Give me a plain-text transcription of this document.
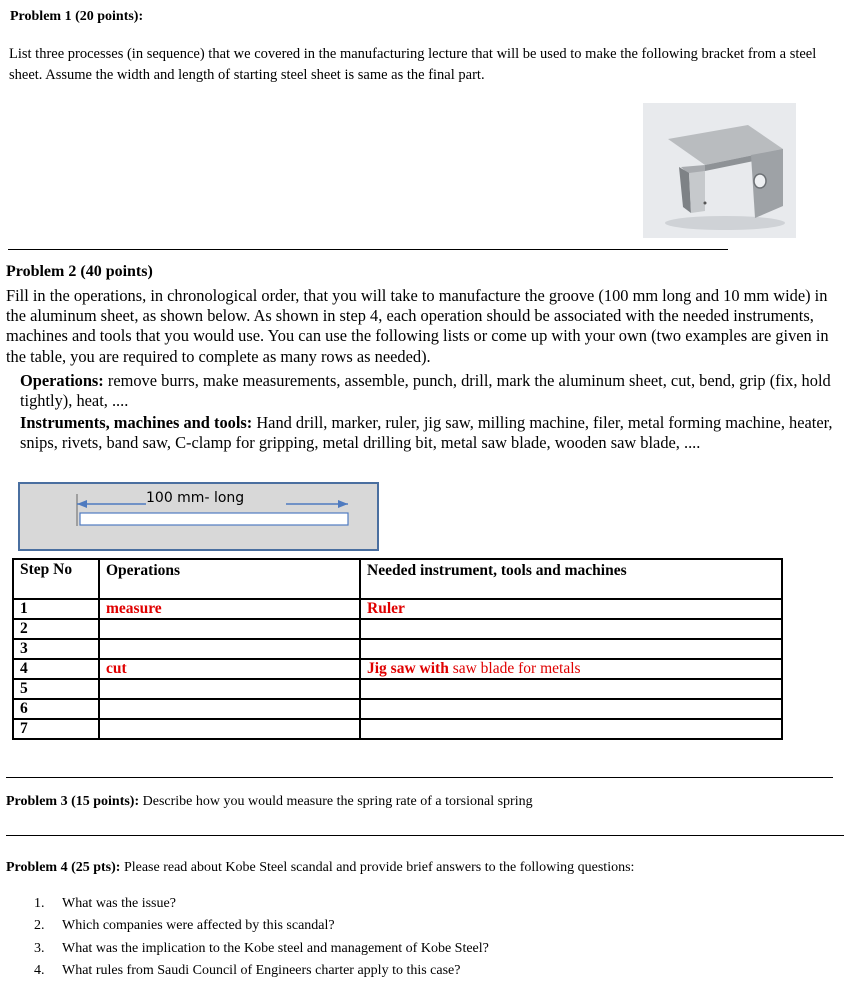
Problem 1 (20 points):
List three processes (in sequence) that we covered in the manufacturing lecture that will be used to make the following bracket from a steel sheet. Assume the width and length of starting steel sheet is same as the final part.
Problem 2 (40 points)
Fill in the operations, in chronological order, that you will take to manufacture the groove (100 mm long and 10 mm wide) in the aluminum sheet, as shown below. As shown in step 4, each operation should be associated with the needed instruments, machines and tools that you would use. You can use the following lists or come up with your own (two examples are given in the table, you are required to complete as many rows as needed).
Operations: remove burrs, make measurements, assemble, punch, drill, mark the aluminum sheet, cut, bend, grip (fix, hold tightly), heat, ....
Instruments, machines and tools: Hand drill, marker, ruler, jig saw, milling machine, filer, metal forming machine, heater, snips, rivets, band saw, C-clamp for gripping, metal drilling bit, metal saw blade, wooden saw blade, ....
100 mm- long
Step No	Operations	Needed instrument, tools and machines
1	measure	Ruler
2		
3		
4	cut	Jig saw with saw blade for metals
5		
6		
7		
Problem 3 (15 points): Describe how you would measure the spring rate of a torsional spring
Problem 4 (25 pts): Please read about Kobe Steel scandal and provide brief answers to the following questions:
1. What was the issue?
2. Which companies were affected by this scandal?
3. What was the implication to the Kobe steel and management of Kobe Steel?
4. What rules from Saudi Council of Engineers charter apply to this case?
